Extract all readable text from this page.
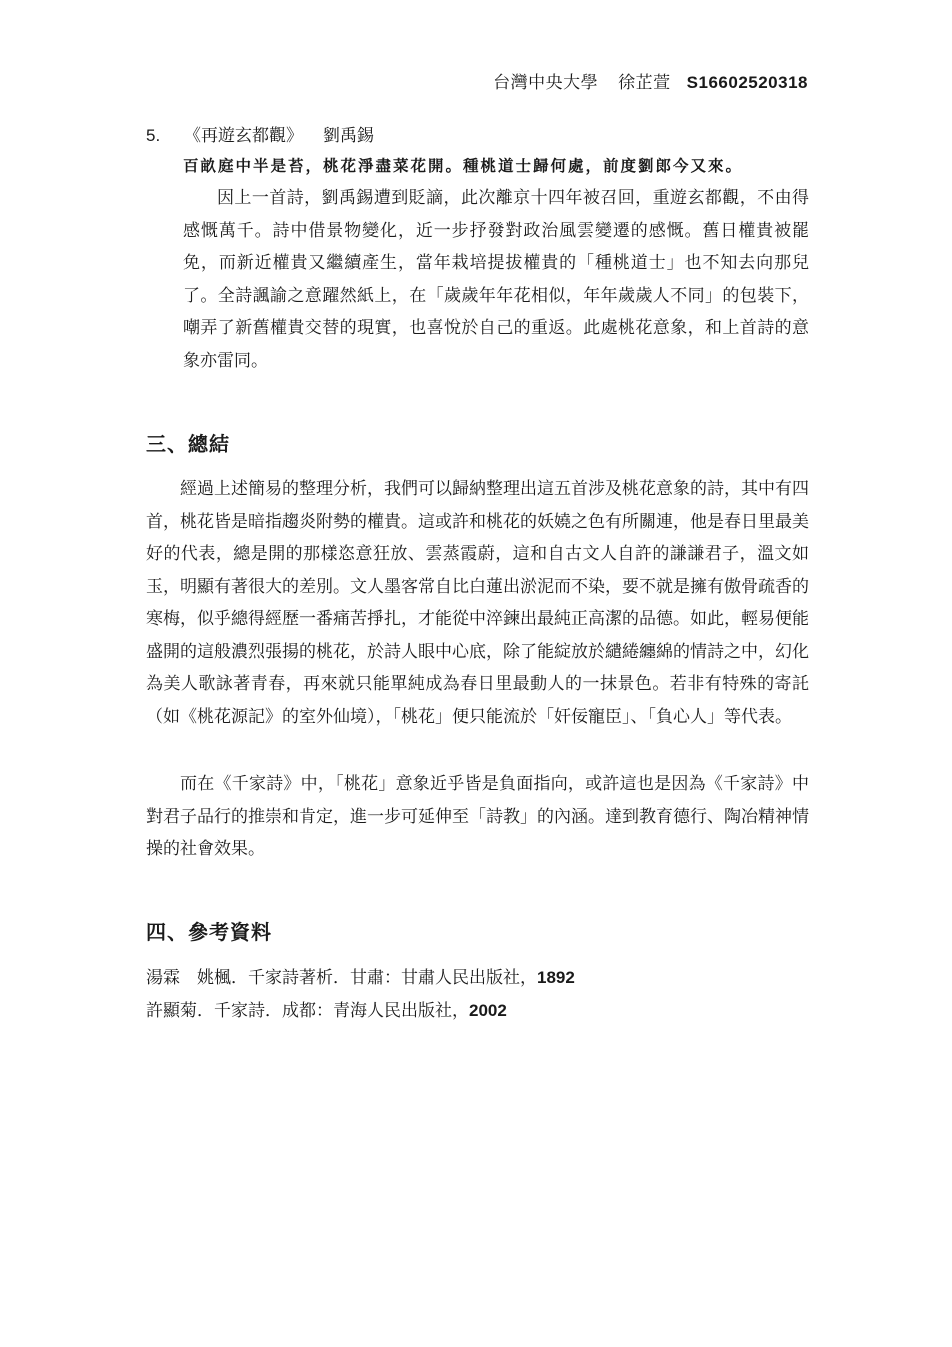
台灣中央大學 徐芷萱 S16602520318
5. 《再遊玄都觀》 劉禹錫
百畝庭中半是苔，桃花淨盡菜花開。種桃道士歸何處，前度劉郎今又來。

因上一首詩，劉禹錫遭到貶謫，此次離京十四年被召回，重遊玄都觀，不由得感慨萬千。詩中借景物變化，近一步抒發對政治風雲變遷的感慨。舊日權貴被罷免，而新近權貴又繼續產生，當年栽培提拔權貴的「種桃道士」也不知去向那兒了。全詩諷諭之意躍然紙上，在「歲歲年年花相似，年年歲歲人不同」的包裝下，嘲弄了新舊權貴交替的現實，也喜悅於自己的重返。此處桃花意象，和上首詩的意象亦雷同。

三、總結

經過上述簡易的整理分析，我們可以歸納整理出這五首涉及桃花意象的詩，其中有四首，桃花皆是暗指趨炎附勢的權貴。這或許和桃花的妖嬈之色有所關連，他是春日里最美好的代表，總是開的那樣恣意狂放、雲蒸霞蔚，這和自古文人自許的謙謙君子，溫文如玉，明顯有著很大的差別。文人墨客常自比白蓮出淤泥而不染，要不就是擁有傲骨疏香的寒梅，似乎總得經歷一番痛苦掙扎，才能從中淬鍊出最純正高潔的品德。如此，輕易便能盛開的這般濃烈張揚的桃花，於詩人眼中心底，除了能綻放於繾綣纏綿的情詩之中，幻化為美人歌詠著青春，再來就只能單純成為春日里最動人的一抹景色。若非有特殊的寄託（如《桃花源記》的室外仙境），「桃花」便只能流於「奸佞寵臣」、「負心人」等代表。

而在《千家詩》中，「桃花」意象近乎皆是負面指向，或許這也是因為《千家詩》中對君子品行的推崇和肯定，進一步可延伸至「詩教」的內涵。達到教育德行、陶冶精神情操的社會效果。

四、參考資料
湯霖　姚楓．千家詩著析．甘肅：甘肅人民出版社，1892
許顯菊．千家詩．成都：青海人民出版社，2002
